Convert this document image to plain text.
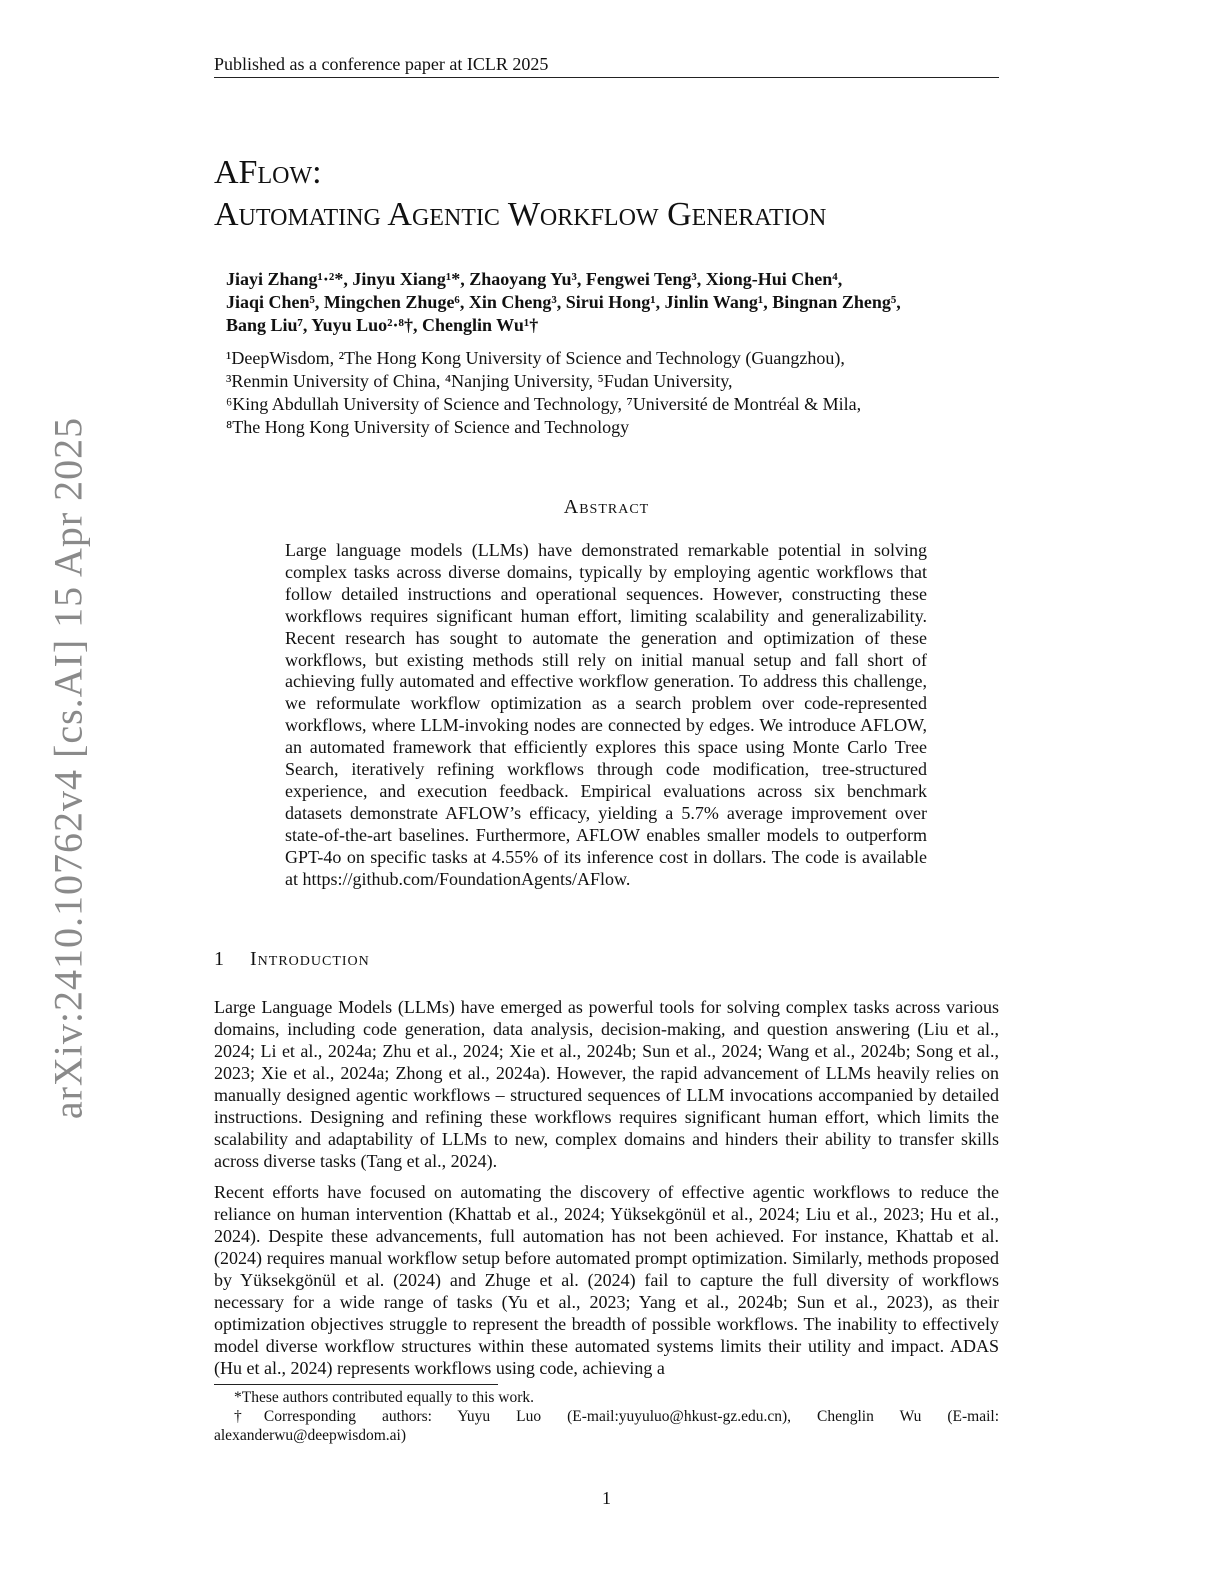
Published as a conference paper at ICLR 2025
arXiv:2410.10762v4 [cs.AI] 15 Apr 2025
AFlow:
Automating Agentic Workflow Generation
Jiayi Zhang¹·²*, Jinyu Xiang¹*, Zhaoyang Yu³, Fengwei Teng³, Xiong-Hui Chen⁴,
Jiaqi Chen⁵, Mingchen Zhuge⁶, Xin Cheng³, Sirui Hong¹, Jinlin Wang¹, Bingnan Zheng⁵,
Bang Liu⁷, Yuyu Luo²·⁸†, Chenglin Wu¹†
¹DeepWisdom, ²The Hong Kong University of Science and Technology (Guangzhou),
³Renmin University of China, ⁴Nanjing University, ⁵Fudan University,
⁶King Abdullah University of Science and Technology, ⁷Université de Montréal & Mila,
⁸The Hong Kong University of Science and Technology
Abstract

Large language models (LLMs) have demonstrated remarkable potential in solving complex tasks across diverse domains, typically by employing agentic workflows that follow detailed instructions and operational sequences. However, constructing these workflows requires significant human effort, limiting scalability and generalizability. Recent research has sought to automate the generation and optimization of these workflows, but existing methods still rely on initial manual setup and fall short of achieving fully automated and effective workflow generation. To address this challenge, we reformulate workflow optimization as a search problem over code-represented workflows, where LLM-invoking nodes are connected by edges. We introduce AFLOW, an automated framework that efficiently explores this space using Monte Carlo Tree Search, iteratively refining workflows through code modification, tree-structured experience, and execution feedback. Empirical evaluations across six benchmark datasets demonstrate AFLOW’s efficacy, yielding a 5.7% average improvement over state-of-the-art baselines. Furthermore, AFLOW enables smaller models to outperform GPT-4o on specific tasks at 4.55% of its inference cost in dollars. The code is available at https://github.com/FoundationAgents/AFlow.

1 Introduction

Large Language Models (LLMs) have emerged as powerful tools for solving complex tasks across various domains, including code generation, data analysis, decision-making, and question answering (Liu et al., 2024; Li et al., 2024a; Zhu et al., 2024; Xie et al., 2024b; Sun et al., 2024; Wang et al., 2024b; Song et al., 2023; Xie et al., 2024a; Zhong et al., 2024a). However, the rapid advancement of LLMs heavily relies on manually designed agentic workflows – structured sequences of LLM invocations accompanied by detailed instructions. Designing and refining these workflows requires significant human effort, which limits the scalability and adaptability of LLMs to new, complex domains and hinders their ability to transfer skills across diverse tasks (Tang et al., 2024).

Recent efforts have focused on automating the discovery of effective agentic workflows to reduce the reliance on human intervention (Khattab et al., 2024; Yüksekgönül et al., 2024; Liu et al., 2023; Hu et al., 2024). Despite these advancements, full automation has not been achieved. For instance, Khattab et al. (2024) requires manual workflow setup before automated prompt optimization. Similarly, methods proposed by Yüksekgönül et al. (2024) and Zhuge et al. (2024) fail to capture the full diversity of workflows necessary for a wide range of tasks (Yu et al., 2023; Yang et al., 2024b; Sun et al., 2023), as their optimization objectives struggle to represent the breadth of possible workflows. The inability to effectively model diverse workflow structures within these automated systems limits their utility and impact. ADAS (Hu et al., 2024) represents workflows using code, achieving a

*These authors contributed equally to this work.

†Corresponding authors: Yuyu Luo (E-mail:yuyuluo@hkust-gz.edu.cn), Chenglin Wu (E-mail: alexanderwu@deepwisdom.ai)

1
